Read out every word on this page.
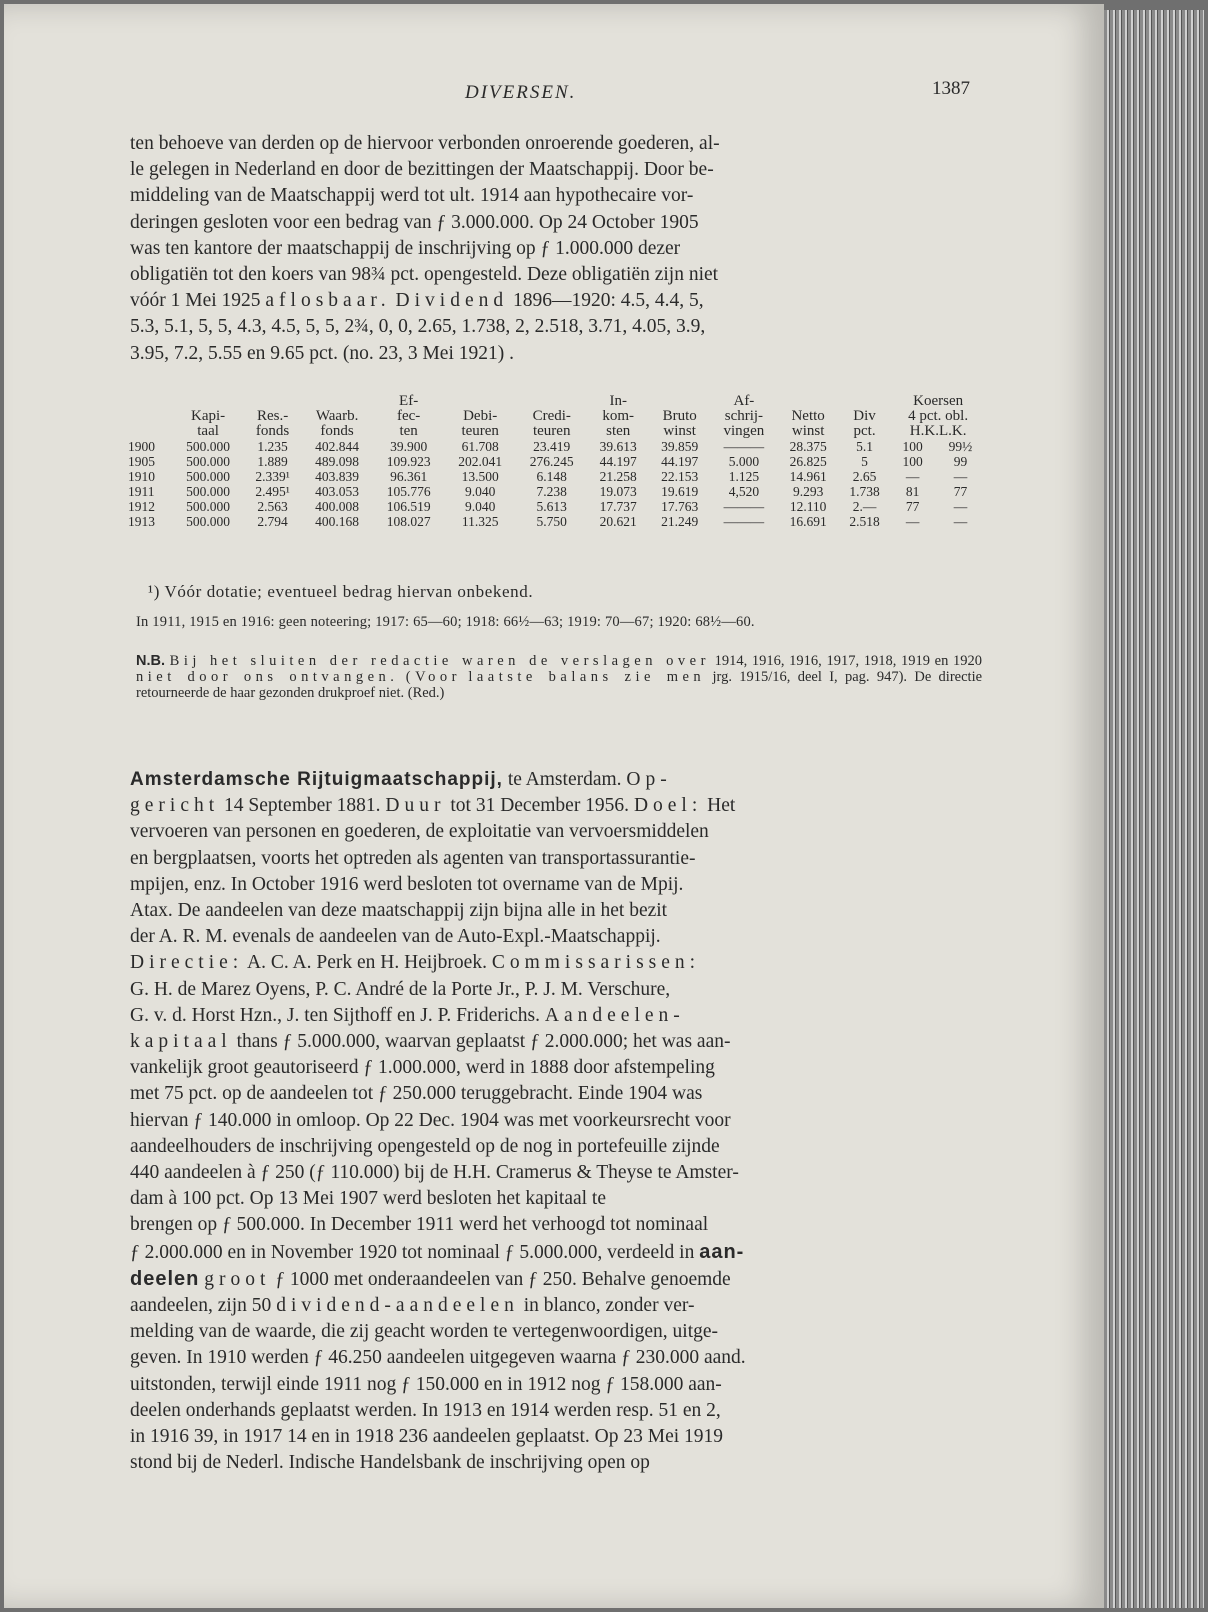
DIVERSEN.	1387

ten behoeve van derden op de hiervoor verbonden onroerende goederen, al-
le gelegen in Nederland en door de bezittingen der Maatschappij. Door be-
middeling van de Maatschappij werd tot ult. 1914 aan hypothecaire vor-
deringen gesloten voor een bedrag van ƒ 3.000.000. Op 24 October 1905
was ten kantore der maatschappij de inschrijving op ƒ 1.000.000 dezer
obligatiën tot den koers van 98¾ pct. opengesteld. Deze obligatiën zijn niet

vóór 1 Mei 1925 aflosbaar. Dividend 1896—1920: 4.5, 4.4, 5,

5.3, 5.1, 5, 5, 4.3, 4.5, 5, 5, 2¾, 0, 0, 2.65, 1.738, 2, 2.518, 3.71, 4.05, 3.9,

3.95, 7.2, 5.55 en 9.65 pct. (no. 23, 3 Mei 1921) .

				Ef-			In-		Af-			Koersen	
	Kapi-	Res.-	Waarb.	fec-	Debi-	Credi-	kom-	Bruto	schrij-	Netto	Div	4 pct. obl.	
	taal	fonds	fonds	ten	teuren	teuren	sten	winst	vingen	winst	pct.	H.K.L.K.	
1900	500.000	1.235	402.844	39.900	61.708	23.419	39.613	39.859	———	28.375	5.1	100	99½
1905	500.000	1.889	489.098	109.923	202.041	276.245	44.197	44.197	5.000	26.825	5	100	99
1910	500.000	2.339¹	403.839	96.361	13.500	6.148	21.258	22.153	1.125	14.961	2.65	—	—
1911	500.000	2.495¹	403.053	105.776	9.040	7.238	19.073	19.619	4,520	9.293	1.738	81	77
1912	500.000	2.563	400.008	106.519	9.040	5.613	17.737	17.763	———	12.110	2.—	77	—
1913	500.000	2.794	400.168	108.027	11.325	5.750	20.621	21.249	———	16.691	2.518	—	—
¹) Vóór dotatie; eventueel bedrag hiervan onbekend.
In 1911, 1915 en 1916: geen noteering; 1917: 65—60; 1918: 66½—63; 1919: 70—67; 1920: 68½—60.
N.B. Bij het sluiten der redactie waren de verslagen over 1914, 1916, 1916, 1917, 1918, 1919 en 1920 niet door ons ontvangen. (Voor laatste balans zie men jrg. 1915/16, deel I, pag. 947). De directie retourneerde de haar gezonden drukproef niet. (Red.)

Amsterdamsche Rijtuigmaatschappij, te Amsterdam. Op-

gericht 14 September 1881. Duur tot 31 December 1956. Doel: Het

vervoeren van personen en goederen, de exploitatie van vervoersmiddelen
en bergplaatsen, voorts het optreden als agenten van transportassurantie-
mpijen, enz. In October 1916 werd besloten tot overname van de Mpij.
Atax. De aandeelen van deze maatschappij zijn bijna alle in het bezit
der A. R. M. evenals de aandeelen van de Auto-Expl.-Maatschappij.

Directie: A. C. A. Perk en H. Heijbroek. Commissarissen:

G. H. de Marez Oyens, P. C. André de la Porte Jr., P. J. M. Verschure,

G. v. d. Horst Hzn., J. ten Sijthoff en J. P. Friderichs. Aandeelen-

kapitaal thans ƒ 5.000.000, waarvan geplaatst ƒ 2.000.000; het was aan-

vankelijk groot geautoriseerd ƒ 1.000.000, werd in 1888 door afstempeling
met 75 pct. op de aandeelen tot ƒ 250.000 teruggebracht. Einde 1904 was
hiervan ƒ 140.000 in omloop. Op 22 Dec. 1904 was met voorkeursrecht voor
aandeelhouders de inschrijving opengesteld op de nog in portefeuille zijnde
440 aandeelen à ƒ 250 (ƒ 110.000) bij de H.H. Cramerus & Theyse te Amster-
dam à 100 pct. Op 13 Mei 1907 werd besloten het kapitaal te
brengen op ƒ 500.000. In December 1911 werd het verhoogd tot nominaal

ƒ 2.000.000 en in November 1920 tot nominaal ƒ 5.000.000, verdeeld in aan-

deelen groot ƒ 1000 met onderaandeelen van ƒ 250. Behalve genoemde

aandeelen, zijn 50 dividend-aandeelen in blanco, zonder ver-

melding van de waarde, die zij geacht worden te vertegenwoordigen, uitge-
geven. In 1910 werden ƒ 46.250 aandeelen uitgegeven waarna ƒ 230.000 aand.
uitstonden, terwijl einde 1911 nog ƒ 150.000 en in 1912 nog ƒ 158.000 aan-
deelen onderhands geplaatst werden. In 1913 en 1914 werden resp. 51 en 2,
in 1916 39, in 1917 14 en in 1918 236 aandeelen geplaatst. Op 23 Mei 1919
stond bij de Nederl. Indische Handelsbank de inschrijving open op
